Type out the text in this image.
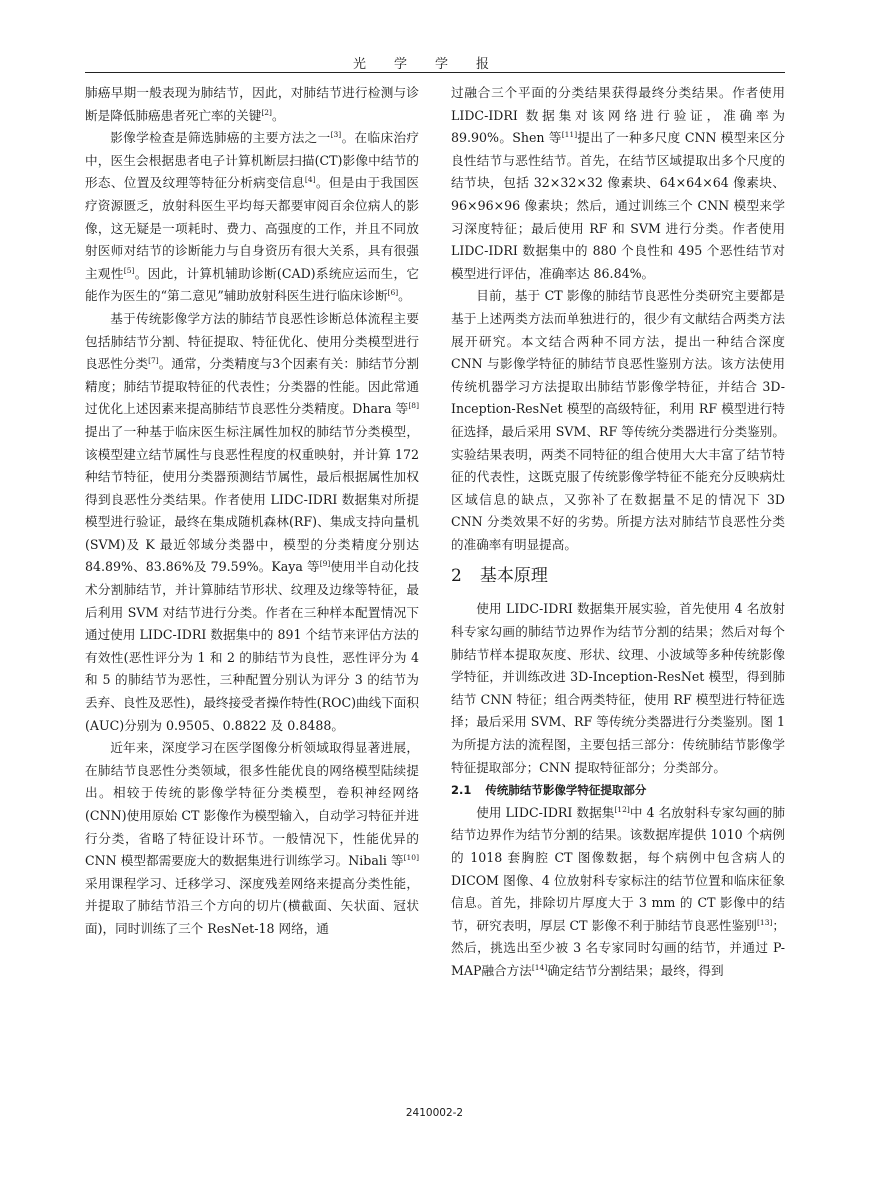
光学学报

肺癌早期一般表现为肺结节，因此，对肺结节进行检测与诊断是降低肺癌患者死亡率的关键[2]。

影像学检查是筛选肺癌的主要方法之一[3]。在临床治疗中，医生会根据患者电子计算机断层扫描(CT)影像中结节的形态、位置及纹理等特征分析病变信息[4]。但是由于我国医疗资源匮乏，放射科医生平均每天都要审阅百余位病人的影像，这无疑是一项耗时、费力、高强度的工作，并且不同放射医师对结节的诊断能力与自身资历有很大关系，具有很强主观性[5]。因此，计算机辅助诊断(CAD)系统应运而生，它能作为医生的“第二意见”辅助放射科医生进行临床诊断[6]。

基于传统影像学方法的肺结节良恶性诊断总体流程主要包括肺结节分割、特征提取、特征优化、使用分类模型进行良恶性分类[7]。通常，分类精度与3个因素有关：肺结节分割精度；肺结节提取特征的代表性；分类器的性能。因此常通过优化上述因素来提高肺结节良恶性分类精度。Dhara 等[8]提出了一种基于临床医生标注属性加权的肺结节分类模型，该模型建立结节属性与良恶性程度的权重映射，并计算 172 种结节特征，使用分类器预测结节属性，最后根据属性加权得到良恶性分类结果。作者使用 LIDC-IDRI 数据集对所提模型进行验证，最终在集成随机森林(RF)、集成支持向量机(SVM)及 K 最近邻域分类器中，模型的分类精度分别达 84.89%、83.86%及 79.59%。Kaya 等[9]使用半自动化技术分割肺结节，并计算肺结节形状、纹理及边缘等特征，最后利用 SVM 对结节进行分类。作者在三种样本配置情况下通过使用 LIDC-IDRI 数据集中的 891 个结节来评估方法的有效性(恶性评分为 1 和 2 的肺结节为良性，恶性评分为 4 和 5 的肺结节为恶性，三种配置分别认为评分 3 的结节为丢弃、良性及恶性)，最终接受者操作特性(ROC)曲线下面积(AUC)分别为 0.9505、0.8822 及 0.8488。

近年来，深度学习在医学图像分析领域取得显著进展，在肺结节良恶性分类领域，很多性能优良的网络模型陆续提出。相较于传统的影像学特征分类模型，卷积神经网络(CNN)使用原始 CT 影像作为模型输入，自动学习特征并进行分类，省略了特征设计环节。一般情况下，性能优异的 CNN 模型都需要庞大的数据集进行训练学习。Nibali 等[10]采用课程学习、迁移学习、深度残差网络来提高分类性能，并提取了肺结节沿三个方向的切片(横截面、矢状面、冠状面)，同时训练了三个 ResNet-18 网络，通

过融合三个平面的分类结果获得最终分类结果。作者使用 LIDC-IDRI 数据集对该网络进行验证，准确率为 89.90%。Shen 等[11]提出了一种多尺度 CNN 模型来区分良性结节与恶性结节。首先，在结节区域提取出多个尺度的结节块，包括 32×32×32 像素块、64×64×64 像素块、96×96×96 像素块；然后，通过训练三个 CNN 模型来学习深度特征；最后使用 RF 和 SVM 进行分类。作者使用 LIDC-IDRI 数据集中的 880 个良性和 495 个恶性结节对模型进行评估，准确率达 86.84%。

目前，基于 CT 影像的肺结节良恶性分类研究主要都是基于上述两类方法而单独进行的，很少有文献结合两类方法展开研究。本文结合两种不同方法，提出一种结合深度 CNN 与影像学特征的肺结节良恶性鉴别方法。该方法使用传统机器学习方法提取出肺结节影像学特征，并结合 3D-Inception-ResNet 模型的高级特征，利用 RF 模型进行特征选择，最后采用 SVM、RF 等传统分类器进行分类鉴别。实验结果表明，两类不同特征的组合使用大大丰富了结节特征的代表性，这既克服了传统影像学特征不能充分反映病灶区域信息的缺点，又弥补了在数据量不足的情况下 3D CNN 分类效果不好的劣势。所提方法对肺结节良恶性分类的准确率有明显提高。

2 基本原理

使用 LIDC-IDRI 数据集开展实验，首先使用 4 名放射科专家勾画的肺结节边界作为结节分割的结果；然后对每个肺结节样本提取灰度、形状、纹理、小波域等多种传统影像学特征，并训练改进 3D-Inception-ResNet 模型，得到肺结节 CNN 特征；组合两类特征，使用 RF 模型进行特征选择；最后采用 SVM、RF 等传统分类器进行分类鉴别。图 1 为所提方法的流程图，主要包括三部分：传统肺结节影像学特征提取部分；CNN 提取特征部分；分类部分。

2.1 传统肺结节影像学特征提取部分

使用 LIDC-IDRI 数据集[12]中 4 名放射科专家勾画的肺结节边界作为结节分割的结果。该数据库提供 1010 个病例的 1018 套胸腔 CT 图像数据，每个病例中包含病人的 DICOM 图像、4 位放射科专家标注的结节位置和临床征象信息。首先，排除切片厚度大于 3 mm 的 CT 影像中的结节，研究表明，厚层 CT 影像不利于肺结节良恶性鉴别[13]；然后，挑选出至少被 3 名专家同时勾画的结节，并通过 P-MAP融合方法[14]确定结节分割结果；最终，得到

2410002-2
